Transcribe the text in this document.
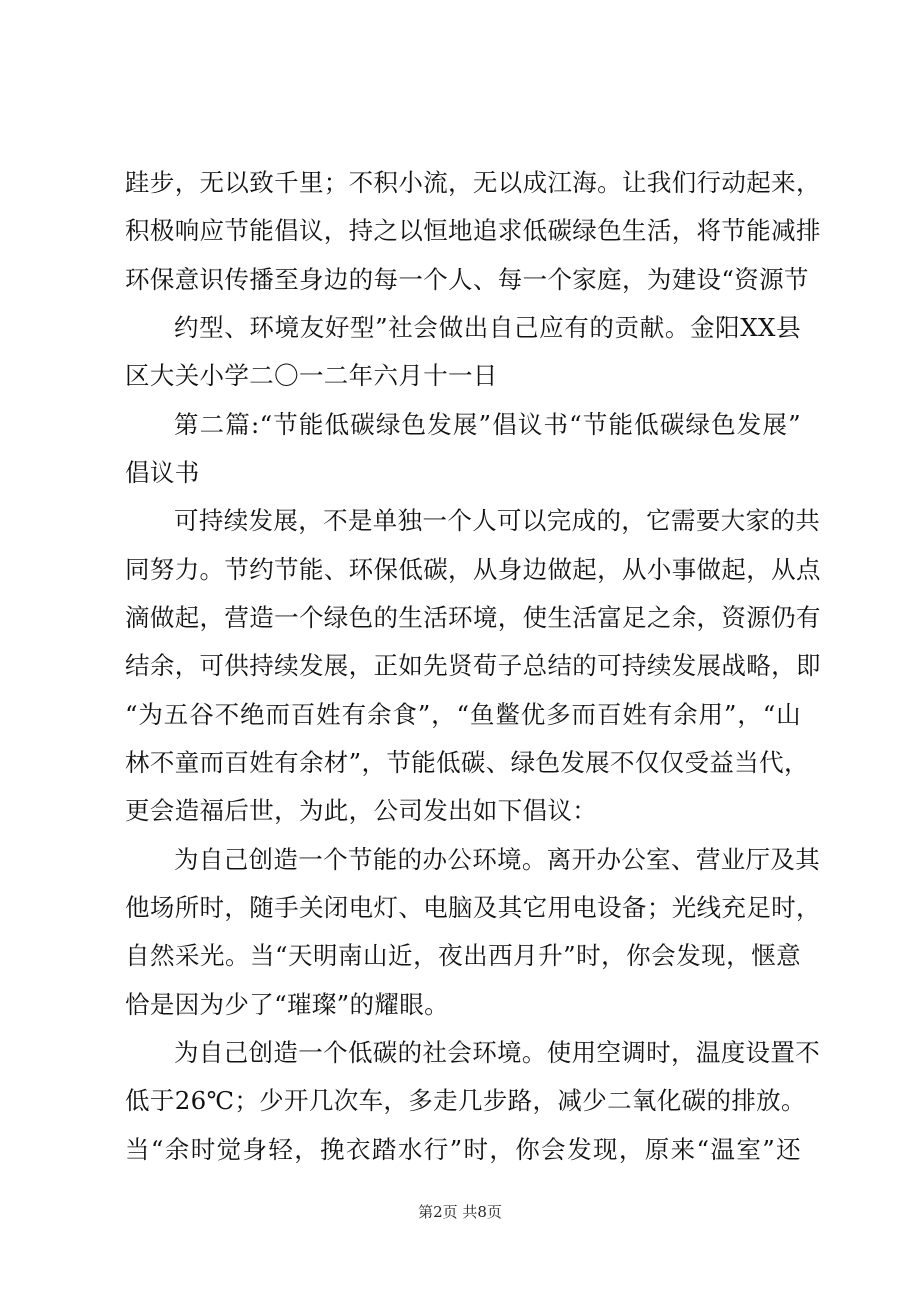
跬步，无以致千里；不积小流，无以成江海。让我们行动起来，
积极响应节能倡议，持之以恒地追求低碳绿色生活，将节能减排
环保意识传播至身边的每一个人、每一个家庭，为建设“资源节
约型、环境友好型”社会做出自己应有的贡献。金阳XX县
区大关小学二〇一二年六月十一日
第二篇:“节能低碳绿色发展”倡议书“节能低碳绿色发展”
倡议书
可持续发展，不是单独一个人可以完成的，它需要大家的共
同努力。节约节能、环保低碳，从身边做起，从小事做起，从点
滴做起，营造一个绿色的生活环境，使生活富足之余，资源仍有
结余，可供持续发展，正如先贤荀子总结的可持续发展战略，即
“为五谷不绝而百姓有余食”，“鱼鳖优多而百姓有余用”，“山
林不童而百姓有余材”，节能低碳、绿色发展不仅仅受益当代，
更会造福后世，为此，公司发出如下倡议：
为自己创造一个节能的办公环境。离开办公室、营业厅及其
他场所时，随手关闭电灯、电脑及其它用电设备；光线充足时，
自然采光。当“天明南山近，夜出西月升”时，你会发现，惬意
恰是因为少了“璀璨”的耀眼。
为自己创造一个低碳的社会环境。使用空调时，温度设置不
低于26℃；少开几次车，多走几步路，减少二氧化碳的排放。
当“余时觉身轻，挽衣踏水行”时，你会发现，原来“温室”还
第2页 共8页
